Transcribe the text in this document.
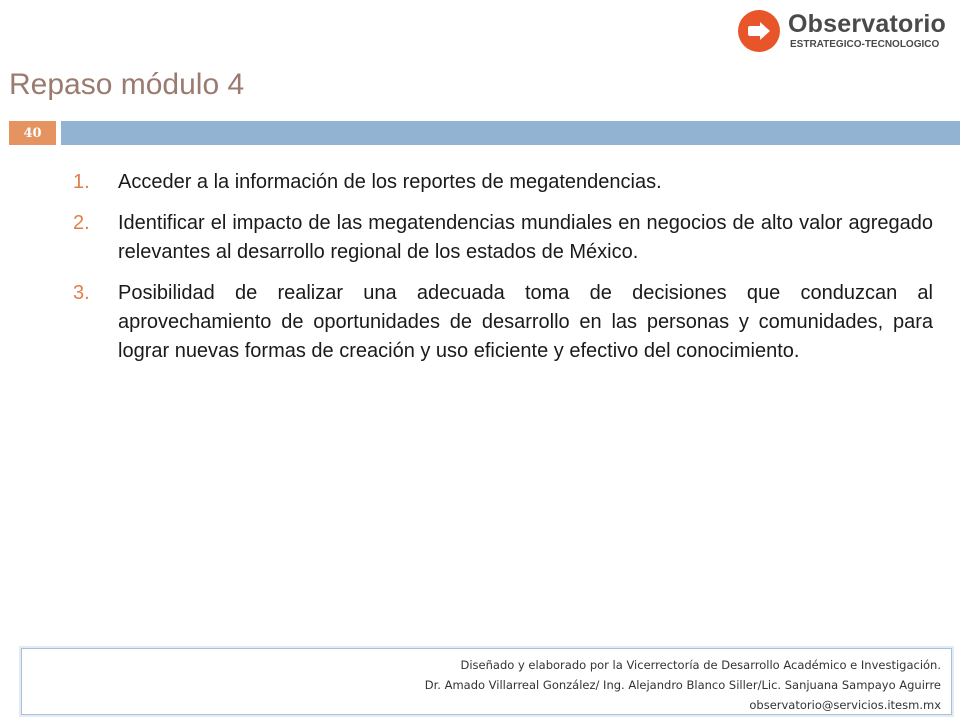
Observatorio
ESTRATEGICO-TECNOLOGICO
Repaso módulo 4
40
1. Acceder a la información de los reportes de megatendencias.
2. Identificar el impacto de las megatendencias mundiales en negocios de alto valor agregado relevantes al desarrollo regional de los estados de México.
3. Posibilidad de realizar una adecuada toma de decisiones que conduzcan al aprovechamiento de oportunidades de desarrollo en las personas y comunidades, para lograr nuevas formas de creación y uso eficiente y efectivo del conocimiento.
Diseñado y elaborado por la Vicerrectoría de Desarrollo Académico e Investigación.
Dr. Amado Villarreal González/ Ing. Alejandro Blanco Siller/Lic. Sanjuana Sampayo Aguirre
observatorio@servicios.itesm.mx
